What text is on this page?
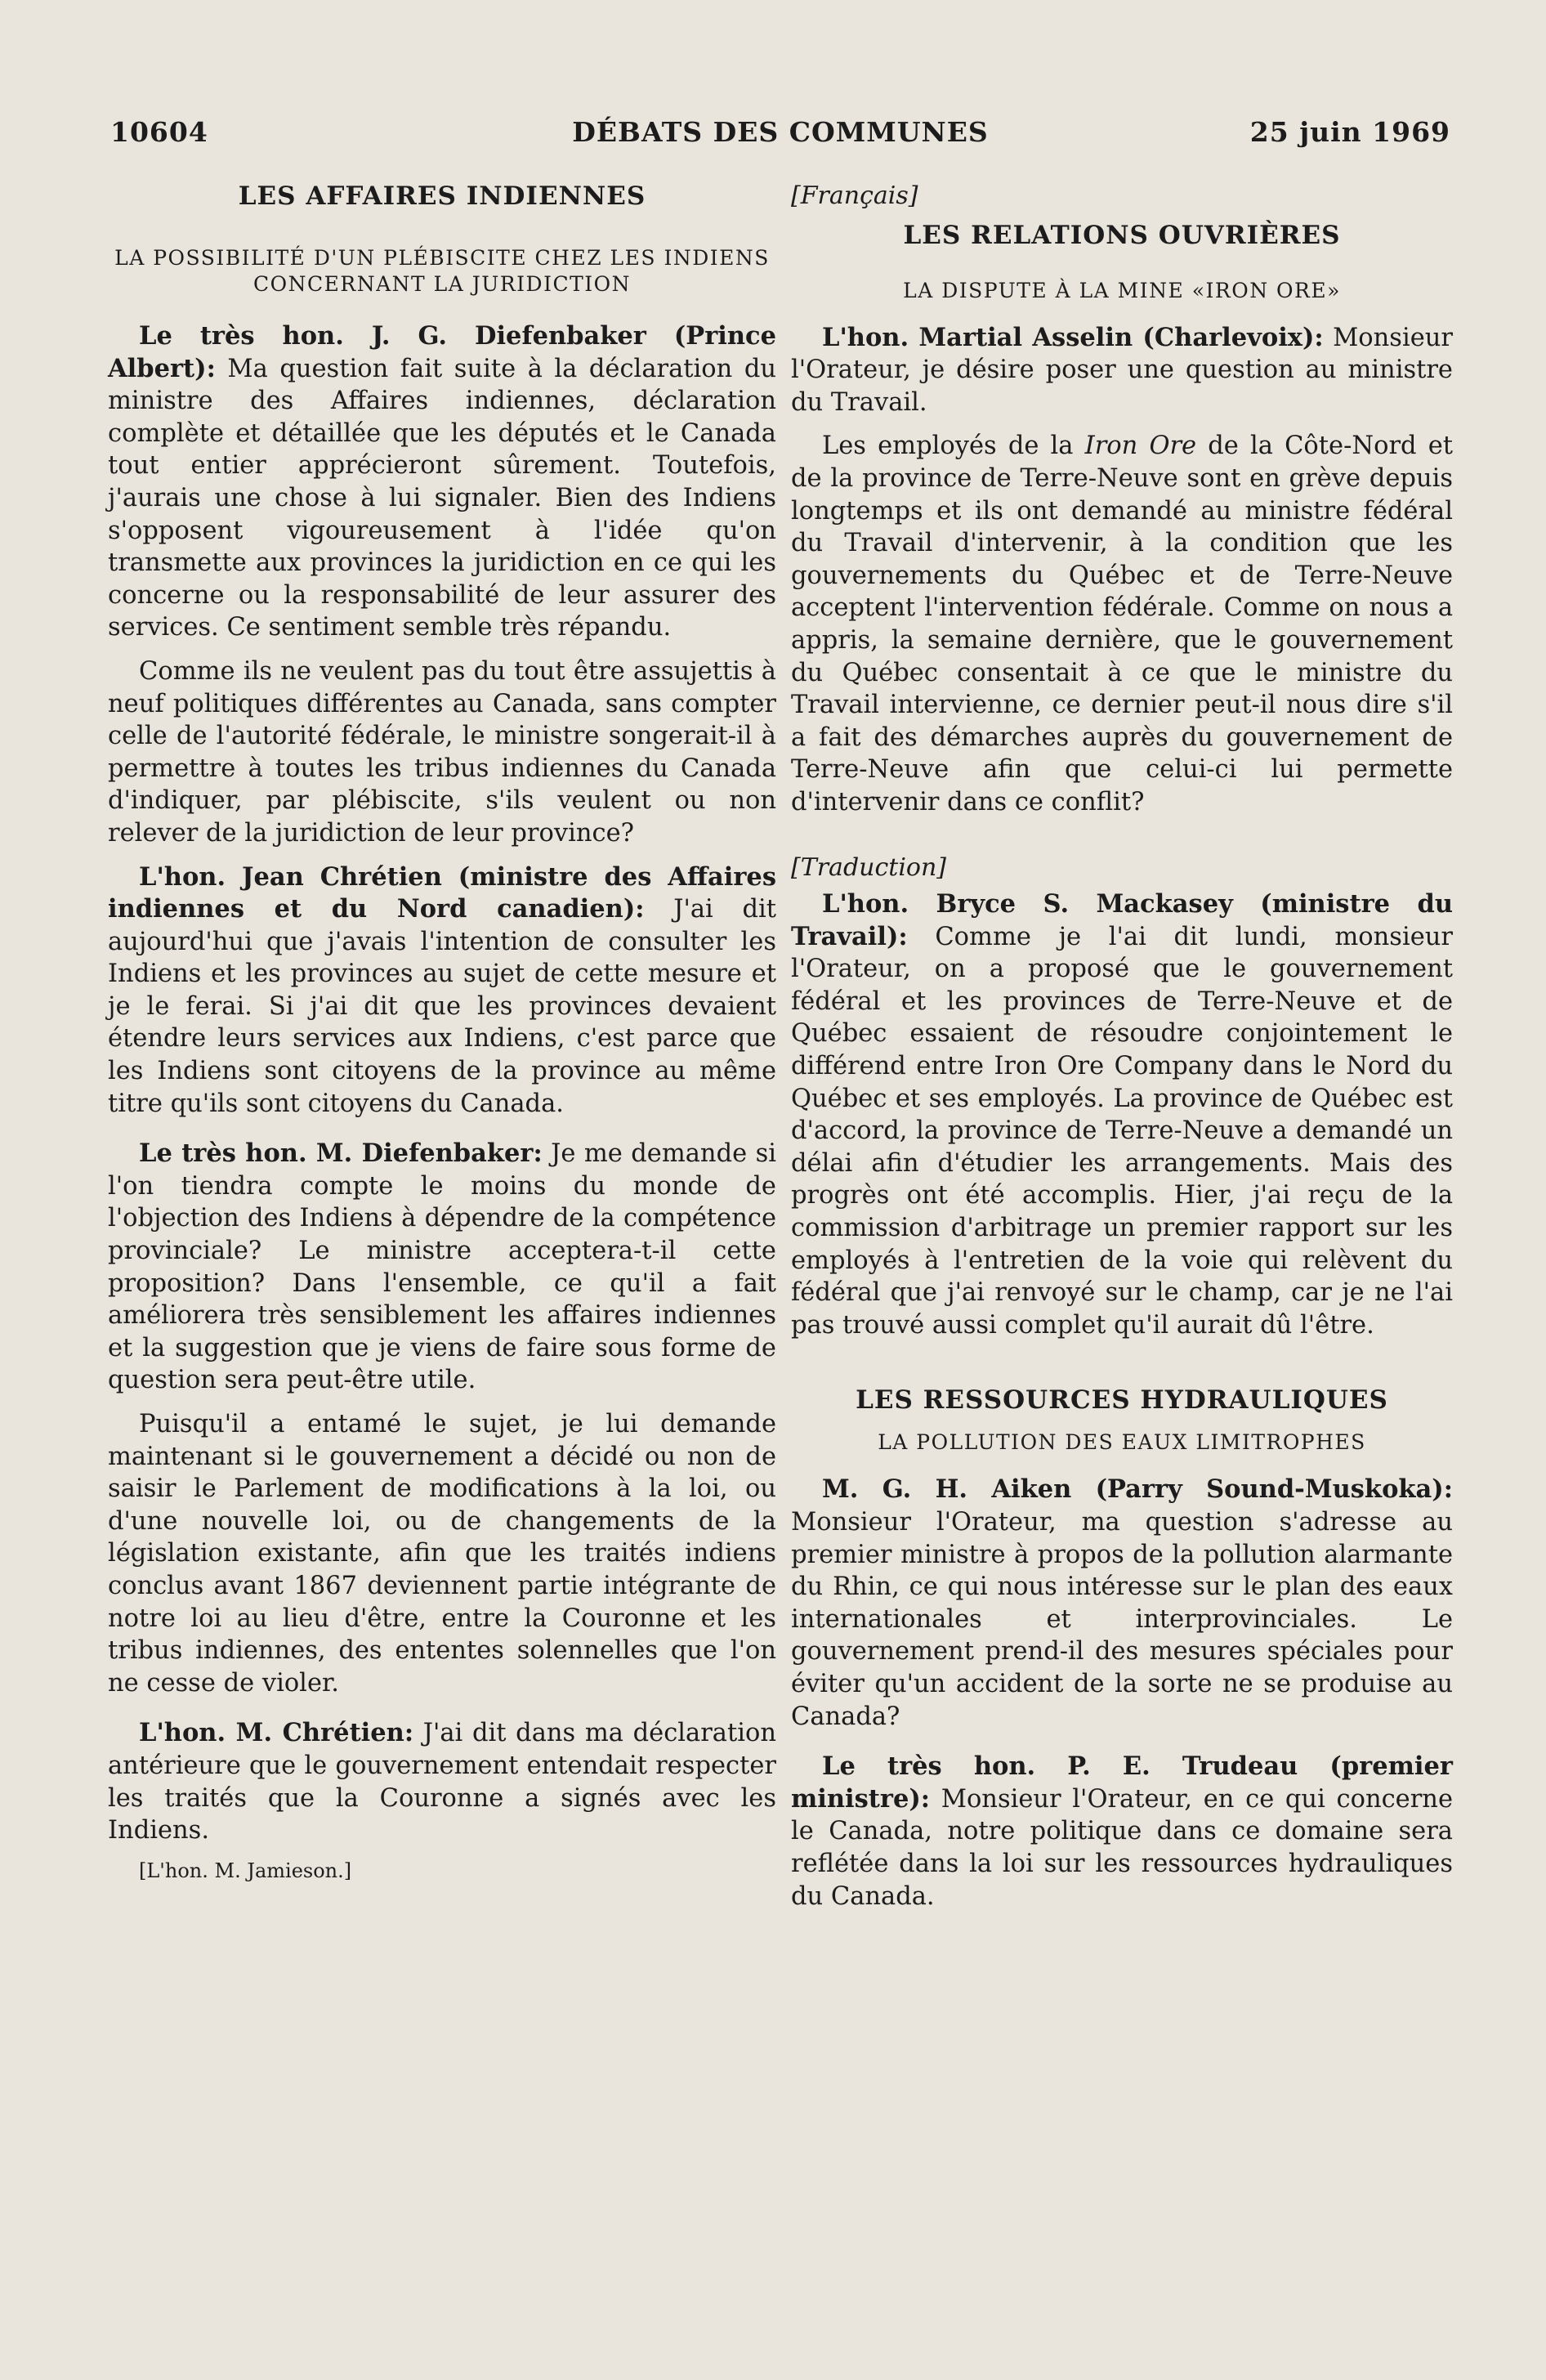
10604	DÉBATS DES COMMUNES	25 juin 1969
LES AFFAIRES INDIENNES
LA POSSIBILITÉ D'UN PLÉBISCITE CHEZ LES INDIENS CONCERNANT LA JURIDICTION

Le très hon. J. G. Diefenbaker (Prince Albert): Ma question fait suite à la déclaration du ministre des Affaires indiennes, déclaration complète et détaillée que les députés et le Canada tout entier apprécieront sûrement. Toutefois, j'aurais une chose à lui signaler. Bien des Indiens s'opposent vigoureusement à l'idée qu'on transmette aux provinces la juridiction en ce qui les concerne ou la responsabilité de leur assurer des services. Ce sentiment semble très répandu.

Comme ils ne veulent pas du tout être assujettis à neuf politiques différentes au Canada, sans compter celle de l'autorité fédérale, le ministre songerait-il à permettre à toutes les tribus indiennes du Canada d'indiquer, par plébiscite, s'ils veulent ou non relever de la juridiction de leur province?

L'hon. Jean Chrétien (ministre des Affaires indiennes et du Nord canadien): J'ai dit aujourd'hui que j'avais l'intention de consulter les Indiens et les provinces au sujet de cette mesure et je le ferai. Si j'ai dit que les provinces devaient étendre leurs services aux Indiens, c'est parce que les Indiens sont citoyens de la province au même titre qu'ils sont citoyens du Canada.

Le très hon. M. Diefenbaker: Je me demande si l'on tiendra compte le moins du monde de l'objection des Indiens à dépendre de la compétence provinciale? Le ministre acceptera-t-il cette proposition? Dans l'ensemble, ce qu'il a fait améliorera très sensiblement les affaires indiennes et la suggestion que je viens de faire sous forme de question sera peut-être utile.

Puisqu'il a entamé le sujet, je lui demande maintenant si le gouvernement a décidé ou non de saisir le Parlement de modifications à la loi, ou d'une nouvelle loi, ou de changements de la législation existante, afin que les traités indiens conclus avant 1867 deviennent partie intégrante de notre loi au lieu d'être, entre la Couronne et les tribus indiennes, des ententes solennelles que l'on ne cesse de violer.

L'hon. M. Chrétien: J'ai dit dans ma déclaration antérieure que le gouvernement entendait respecter les traités que la Couronne a signés avec les Indiens.

[L'hon. M. Jamieson.]

[Français]

LES RELATIONS OUVRIÈRES
LA DISPUTE À LA MINE «IRON ORE»

L'hon. Martial Asselin (Charlevoix): Monsieur l'Orateur, je désire poser une question au ministre du Travail.

Les employés de la Iron Ore de la Côte-Nord et de la province de Terre-Neuve sont en grève depuis longtemps et ils ont demandé au ministre fédéral du Travail d'intervenir, à la condition que les gouvernements du Québec et de Terre-Neuve acceptent l'intervention fédérale. Comme on nous a appris, la semaine dernière, que le gouvernement du Québec consentait à ce que le ministre du Travail intervienne, ce dernier peut-il nous dire s'il a fait des démarches auprès du gouvernement de Terre-Neuve afin que celui-ci lui permette d'intervenir dans ce conflit?

[Traduction]

L'hon. Bryce S. Mackasey (ministre du Travail): Comme je l'ai dit lundi, monsieur l'Orateur, on a proposé que le gouvernement fédéral et les provinces de Terre-Neuve et de Québec essaient de résoudre conjointement le différend entre Iron Ore Company dans le Nord du Québec et ses employés. La province de Québec est d'accord, la province de Terre-Neuve a demandé un délai afin d'étudier les arrangements. Mais des progrès ont été accomplis. Hier, j'ai reçu de la commission d'arbitrage un premier rapport sur les employés à l'entretien de la voie qui relèvent du fédéral que j'ai renvoyé sur le champ, car je ne l'ai pas trouvé aussi complet qu'il aurait dû l'être.

LES RESSOURCES HYDRAULIQUES
LA POLLUTION DES EAUX LIMITROPHES

M. G. H. Aiken (Parry Sound-Muskoka): Monsieur l'Orateur, ma question s'adresse au premier ministre à propos de la pollution alarmante du Rhin, ce qui nous intéresse sur le plan des eaux internationales et interprovinciales. Le gouvernement prend-il des mesures spéciales pour éviter qu'un accident de la sorte ne se produise au Canada?

Le très hon. P. E. Trudeau (premier ministre): Monsieur l'Orateur, en ce qui concerne le Canada, notre politique dans ce domaine sera reflétée dans la loi sur les ressources hydrauliques du Canada.
